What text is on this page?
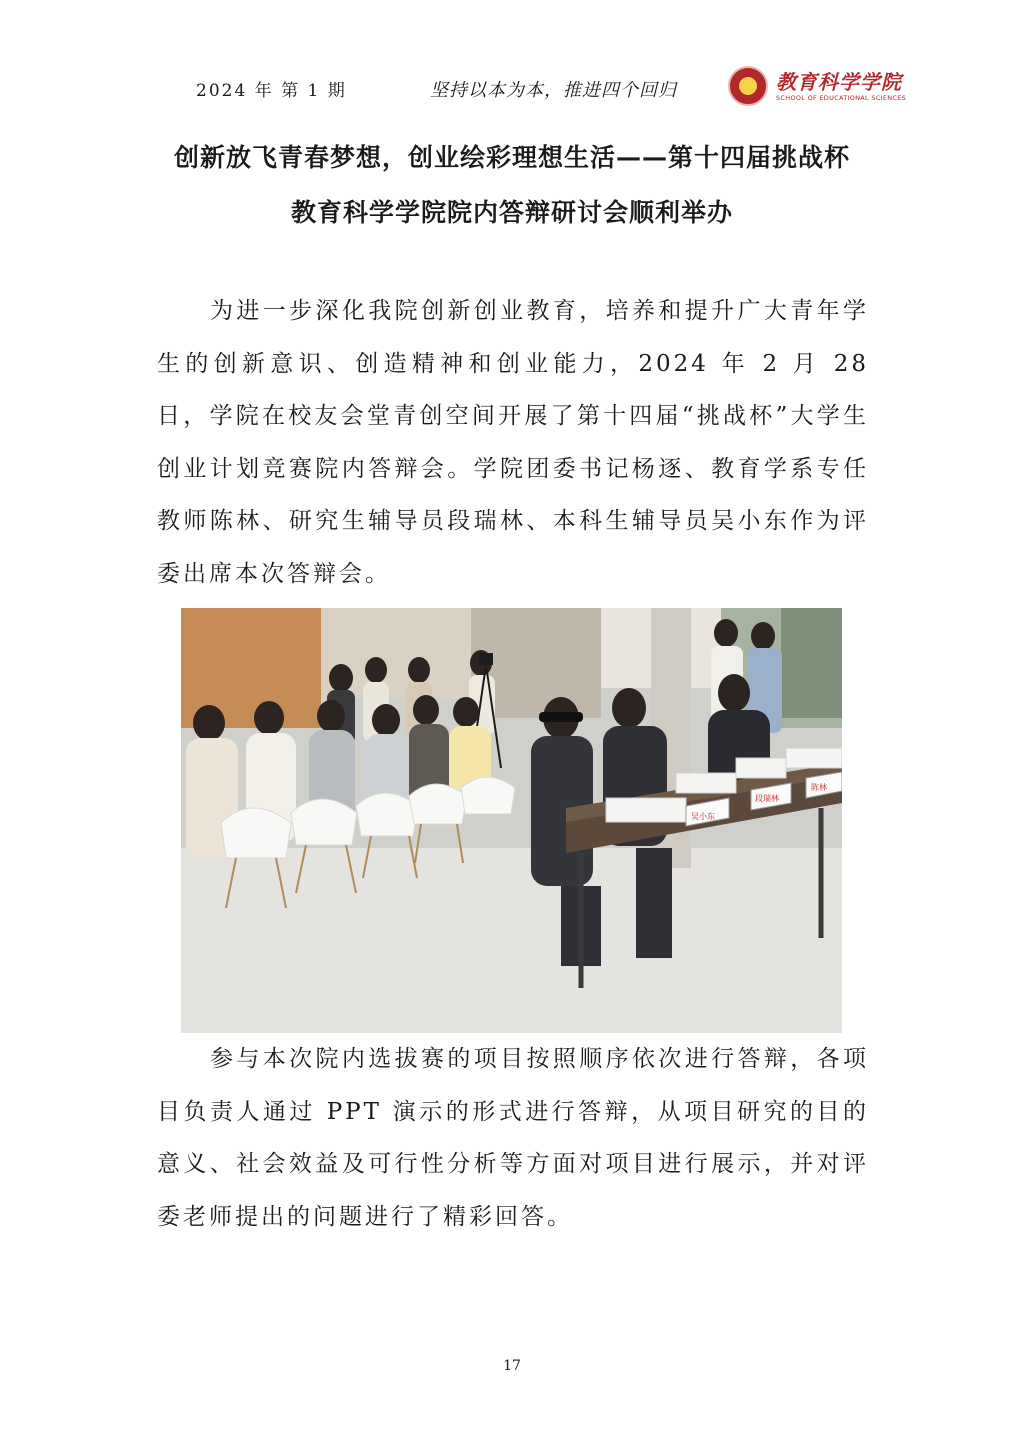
2024 年 第 1 期	坚持以本为本，推进四个回归	教育科学学院
SCHOOL OF EDUCATIONAL SCIENCES
创新放飞青春梦想，创业绘彩理想生活——第十四届挑战杯
教育科学学院院内答辩研讨会顺利举办

为进一步深化我院创新创业教育，培养和提升广大青年学生的创新意识、创造精神和创业能力，2024 年 2 月 28 日，学院在校友会堂青创空间开展了第十四届“挑战杯”大学生创业计划竞赛院内答辩会。学院团委书记杨逐、教育学系专任教师陈林、研究生辅导员段瑞林、本科生辅导员吴小东作为评委出席本次答辩会。

吴小东
段瑞林
陈林

参与本次院内选拔赛的项目按照顺序依次进行答辩，各项目负责人通过 PPT 演示的形式进行答辩，从项目研究的目的意义、社会效益及可行性分析等方面对项目进行展示，并对评委老师提出的问题进行了精彩回答。

17
